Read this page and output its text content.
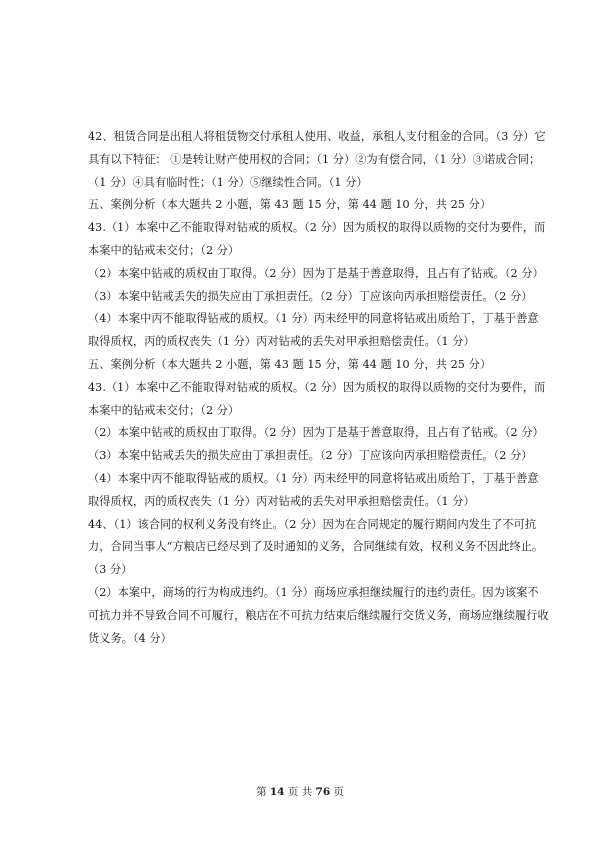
42、租赁合同是出租人将租赁物交付承租人使用、收益，承租人支付租金的合同。（3 分）它
具有以下特征： ①是转让财产使用权的合同；（1 分）②为有偿合同，（1 分）③诺成合同；
（1 分）④具有临时性；（1 分）⑤继续性合同。（1 分）
五、案例分析（本大题共 2 小题，第 43 题 15 分，第 44 题 10 分，共 25 分）
43.（1）本案中乙不能取得对钻戒的质权。（2 分）因为质权的取得以质物的交付为要件，而
本案中的钻戒未交付；（2 分）
（2）本案中钻戒的质权由丁取得。（2 分）因为丁是基于善意取得，且占有了钻戒。（2 分）
（3）本案中钻戒丢失的损失应由丁承担责任。（2 分）丁应该向丙承担赔偿责任。（2 分）
（4）本案中丙不能取得钻戒的质权。（1 分）丙未经甲的同意将钻戒出质给丁，丁基于善意
取得质权，丙的质权丧失（1 分）丙对钻戒的丢失对甲承担赔偿责任。（1 分）
五、案例分析（本大题共 2 小题，第 43 题 15 分，第 44 题 10 分，共 25 分）
43.（1）本案中乙不能取得对钻戒的质权。（2 分）因为质权的取得以质物的交付为要件，而
本案中的钻戒未交付；（2 分）
（2）本案中钻戒的质权由丁取得。（2 分）因为丁是基于善意取得，且占有了钻戒。（2 分）
（3）本案中钻戒丢失的损失应由丁承担责任。（2 分）丁应该向丙承担赔偿责任。（2 分）
（4）本案中丙不能取得钻戒的质权。（1 分）丙未经甲的同意将钻戒出质给丁，丁基于善意
取得质权，丙的质权丧失（1 分）丙对钻戒的丢失对甲承担赔偿责任。（1 分）
44、（1）该合同的权利义务没有终止。（2 分）因为在合同规定的履行期间内发生了不可抗
力，合同当事人“方粮店已经尽到了及时通知的义务，合同继续有效，权利义务不因此终止。
（3 分）
（2）本案中，商场的行为构成违约。（1 分）商场应承担继续履行的违约责任。因为该案不
可抗力并不导致合同不可履行，粮店在不可抗力结束后继续履行交货义务，商场应继续履行收
货义务。（4 分）
第 14 页 共 76 页
